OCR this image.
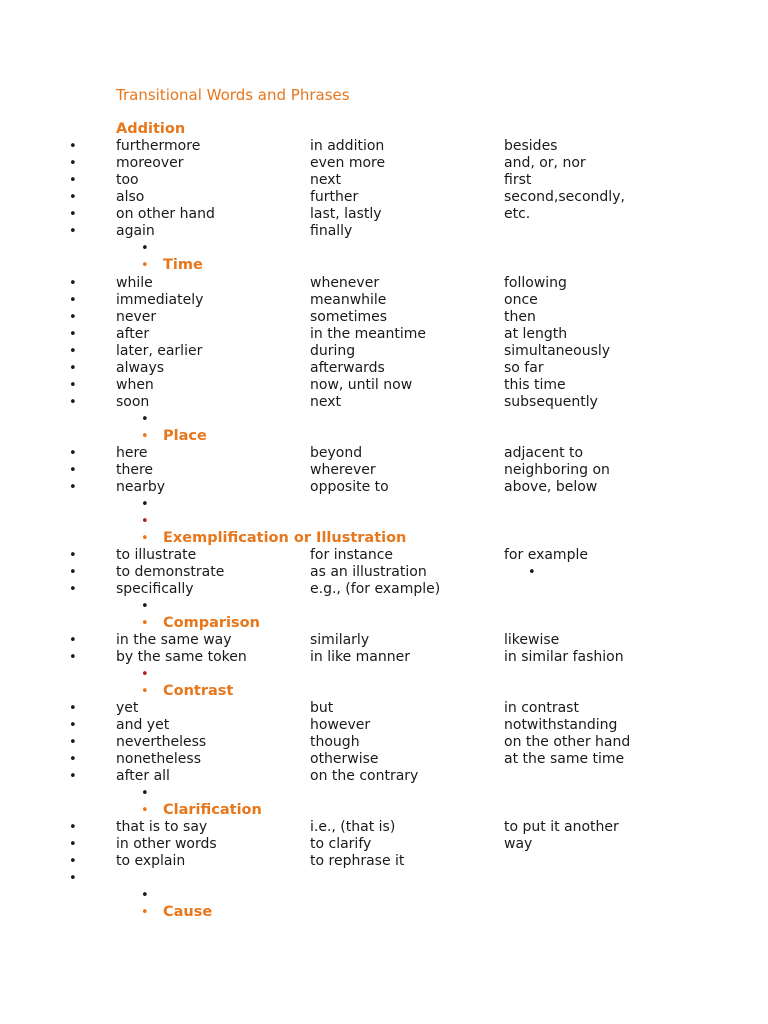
Transitional Words and Phrases
Addition
•	furthermore	in addition	besides
•	moreover	even more	and, or, nor
•	too	next	first
•	also	further	second,secondly,
•	on other hand	last, lastly	etc.
•	again	finally
•
• Time
•	while	whenever	following
•	immediately	meanwhile	once
•	never	sometimes	then
•	after	in the meantime	at length
•	later, earlier	during	simultaneously
•	always	afterwards	so far
•	when	now, until now	this time
•	soon	next	subsequently
•
• Place
•	here	beyond	adjacent to
•	there	wherever	neighboring on
•	nearby	opposite to	above, below
•
•
• Exemplification or Illustration
•	to illustrate	for instance	for example
•	to demonstrate	as an illustration	•
•	specifically	e.g., (for example)
•
• Comparison
•	in the same way	similarly	likewise
•	by the same token	in like manner	in similar fashion
•
• Contrast
•	yet	but	in contrast
•	and yet	however	notwithstanding
•	nevertheless	though	on the other hand
•	nonetheless	otherwise	at the same time
•	after all	on the contrary
•
• Clarification
•	that is to say	i.e., (that is)	to put it another
•	in other words	to clarify	way
•	to explain	to rephrase it
•
•
• Cause
